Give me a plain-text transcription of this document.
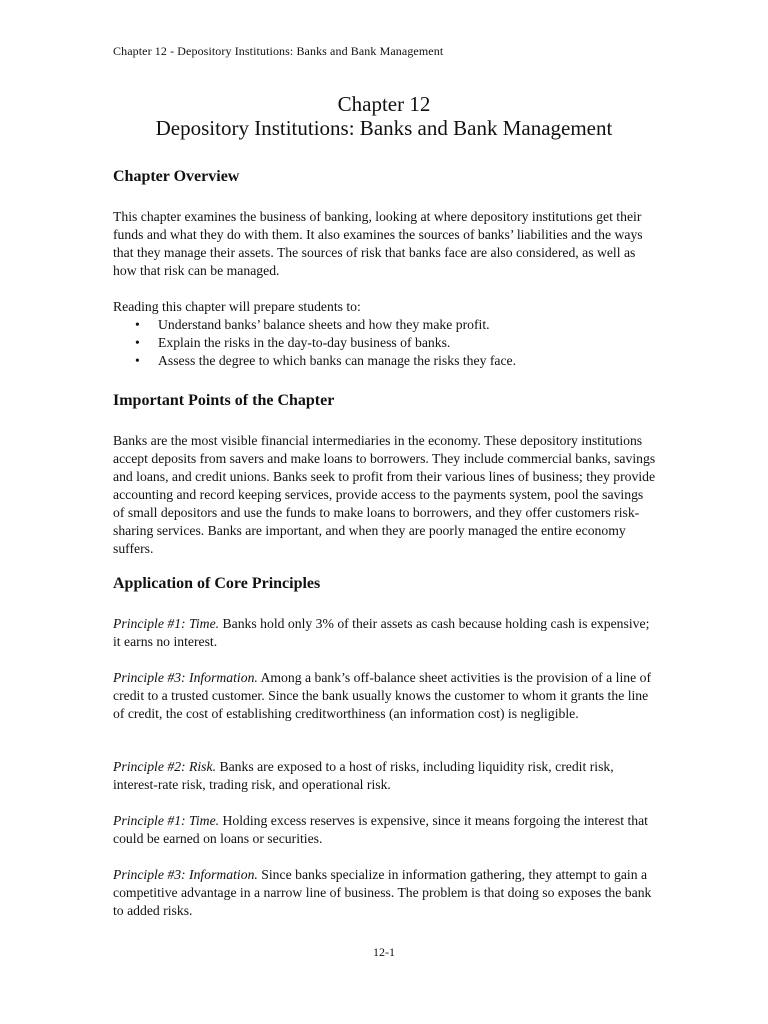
Chapter 12 - Depository Institutions: Banks and Bank Management
Chapter 12
Depository Institutions: Banks and Bank Management
Chapter Overview

This chapter examines the business of banking, looking at where depository institutions get their funds and what they do with them. It also examines the sources of banks’ liabilities and the ways that they manage their assets. The sources of risk that banks face are also considered, as well as how that risk can be managed.

Reading this chapter will prepare students to:

• Understand banks’ balance sheets and how they make profit.
• Explain the risks in the day-to-day business of banks.
• Assess the degree to which banks can manage the risks they face.
Important Points of the Chapter

Banks are the most visible financial intermediaries in the economy. These depository institutions accept deposits from savers and make loans to borrowers. They include commercial banks, savings and loans, and credit unions. Banks seek to profit from their various lines of business; they provide accounting and record keeping services, provide access to the payments system, pool the savings of small depositors and use the funds to make loans to borrowers, and they offer customers risk-sharing services. Banks are important, and when they are poorly managed the entire economy suffers.

Application of Core Principles

Principle #1: Time. Banks hold only 3% of their assets as cash because holding cash is expensive; it earns no interest.

Principle #3: Information. Among a bank’s off-balance sheet activities is the provision of a line of credit to a trusted customer. Since the bank usually knows the customer to whom it grants the line of credit, the cost of establishing creditworthiness (an information cost) is negligible.

Principle #2: Risk. Banks are exposed to a host of risks, including liquidity risk, credit risk, interest-rate risk, trading risk, and operational risk.

Principle #1: Time. Holding excess reserves is expensive, since it means forgoing the interest that could be earned on loans or securities.

Principle #3: Information. Since banks specialize in information gathering, they attempt to gain a competitive advantage in a narrow line of business. The problem is that doing so exposes the bank to added risks.

12-1
